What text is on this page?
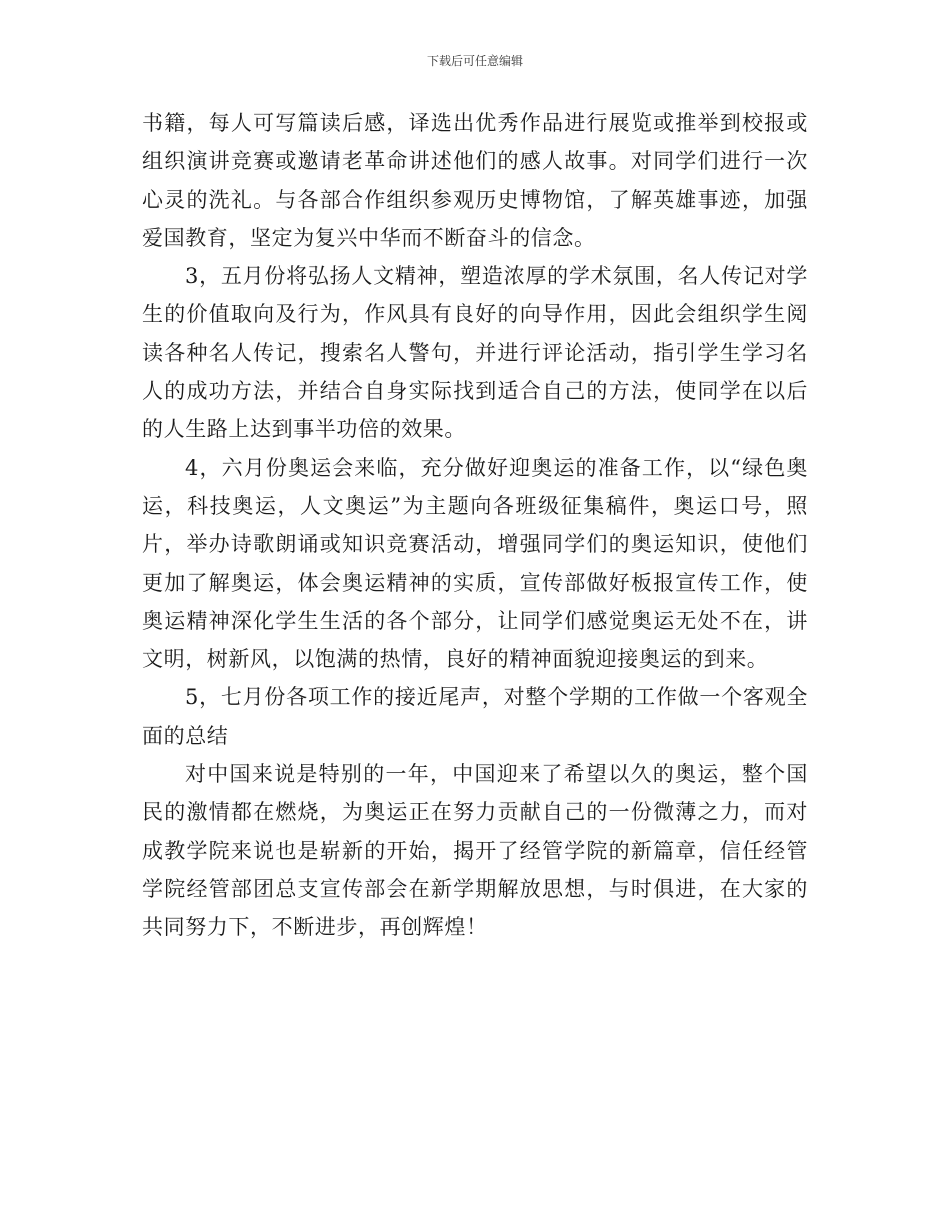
下载后可任意编辑

书籍，每人可写篇读后感，译选出优秀作品进行展览或推举到校报或组织演讲竞赛或邀请老革命讲述他们的感人故事。对同学们进行一次心灵的洗礼。与各部合作组织参观历史博物馆，了解英雄事迹，加强爱国教育，坚定为复兴中华而不断奋斗的信念。

3，五月份将弘扬人文精神，塑造浓厚的学术氛围，名人传记对学生的价值取向及行为，作风具有良好的向导作用，因此会组织学生阅读各种名人传记，搜索名人警句，并进行评论活动，指引学生学习名人的成功方法，并结合自身实际找到适合自己的方法，使同学在以后的人生路上达到事半功倍的效果。

4，六月份奥运会来临，充分做好迎奥运的准备工作，以“绿色奥运，科技奥运，人文奥运”为主题向各班级征集稿件，奥运口号，照片，举办诗歌朗诵或知识竞赛活动，增强同学们的奥运知识，使他们更加了解奥运，体会奥运精神的实质，宣传部做好板报宣传工作，使奥运精神深化学生生活的各个部分，让同学们感觉奥运无处不在，讲文明，树新风，以饱满的热情，良好的精神面貌迎接奥运的到来。

5，七月份各项工作的接近尾声，对整个学期的工作做一个客观全面的总结

对中国来说是特别的一年，中国迎来了希望以久的奥运，整个国民的激情都在燃烧，为奥运正在努力贡献自己的一份微薄之力，而对成教学院来说也是崭新的开始，揭开了经管学院的新篇章，信任经管学院经管部团总支宣传部会在新学期解放思想，与时俱进，在大家的共同努力下，不断进步，再创辉煌！
